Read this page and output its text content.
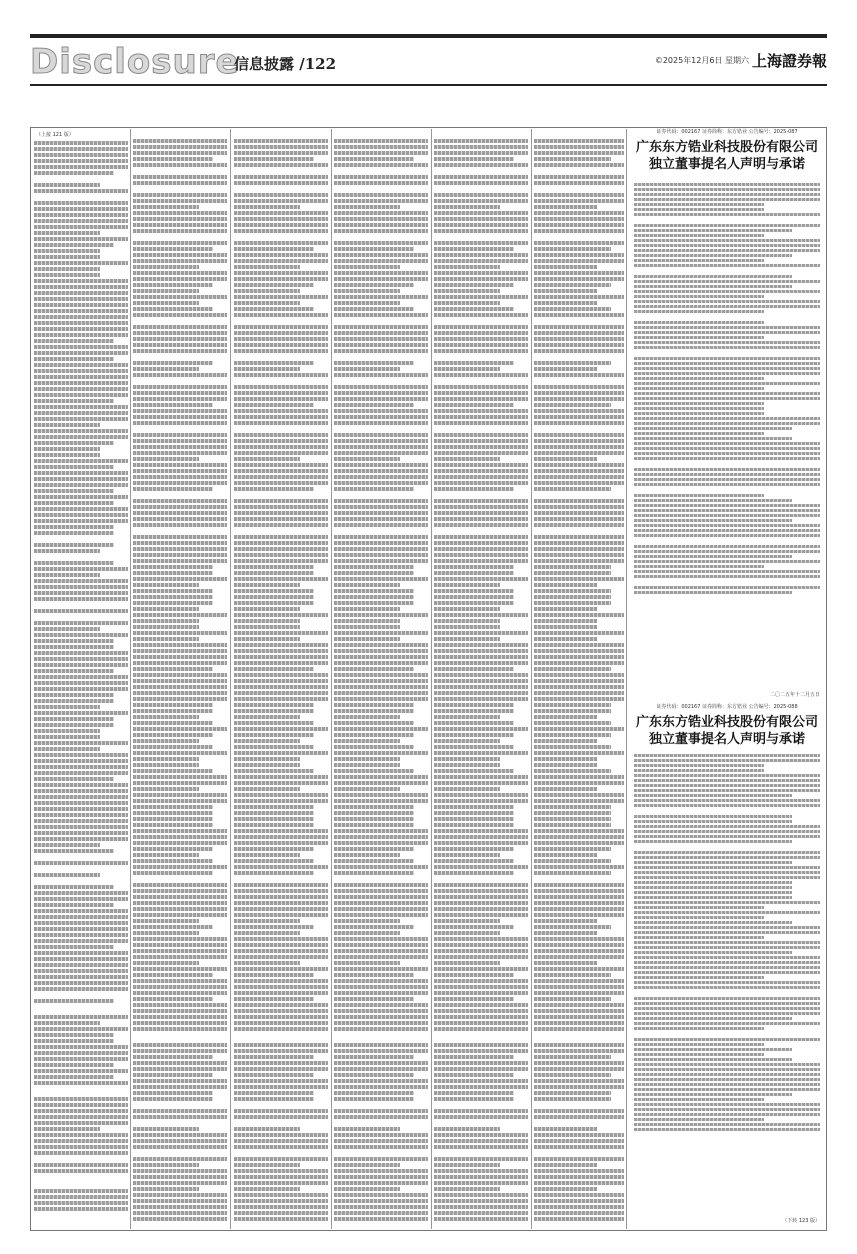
Disclosure
信息披露 /122	©2025年12月6日 星期六 上海證券報
（上接 121 版）	证券代码：002167 证券简称：东方锆业 公告编号：2025-087
广东东方锆业科技股份有限公司
独立董事提名人声明与承诺
二〇二五年十二月五日
证券代码：002167 证券简称：东方锆业 公告编号：2025-088
广东东方锆业科技股份有限公司
独立董事提名人声明与承诺
（下转 123 版）
